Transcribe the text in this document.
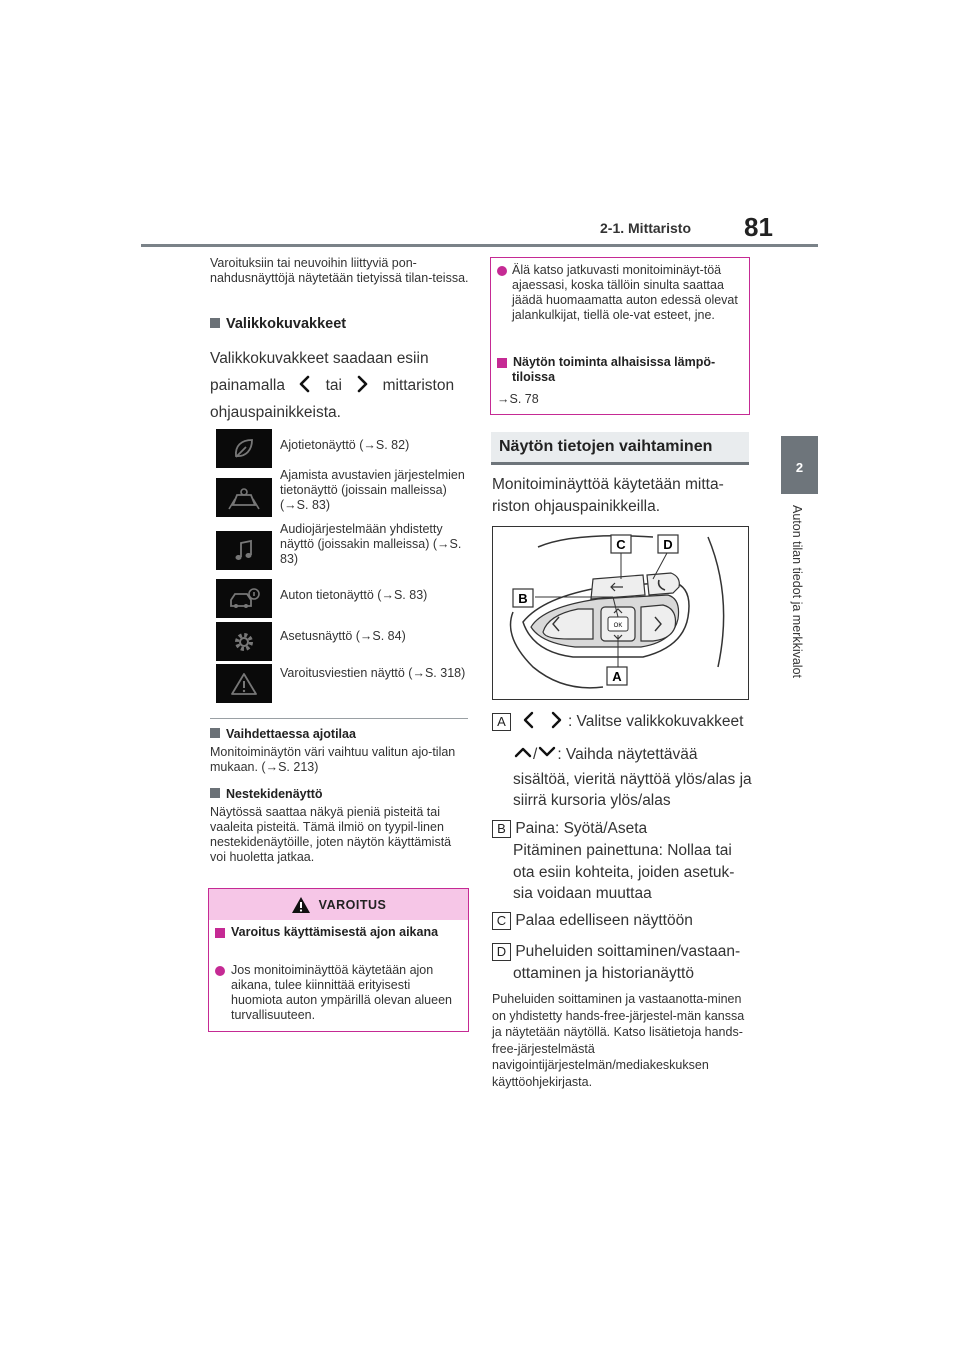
2-1. Mittaristo 81
2
Auton tilan tiedot ja merkkivalot
Varoituksiin tai neuvoihin liittyviä pon-nahdusnäyttöjä näytetään tietyissä tilan-teissa.
Valikkokuvakkeet
Valikkokuvakkeet saadaan esiin
painamalla	tai	mittariston
ohjauspainikkeista.
Ajotietonäyttö (→S. 82)
Ajamista avustavien järjestelmien tietonäyttö (joissain malleissa) (→S. 83)
Audiojärjestelmään yhdistetty näyttö (joissakin malleissa) (→S. 83)
Auton tietonäyttö (→S. 83)
Asetusnäyttö (→S. 84)
Varoitusviestien näyttö (→S. 318)
Vaihdettaessa ajotilaa
Monitoiminäytön väri vaihtuu valitun ajo-tilan mukaan. (→S. 213)
Nestekidenäyttö
Näytössä saattaa näkyä pieniä pisteitä tai vaaleita pisteitä. Tämä ilmiö on tyypil-linen nestekidenäytöille, joten näytön käyttämistä voi huoletta jatkaa.
VAROITUS
Varoitus käyttämisestä ajon aikana
Jos monitoiminäyttöä käytetään ajon aikana, tulee kiinnittää erityisesti huomiota auton ympärillä olevan alueen turvallisuuteen.
Älä katso jatkuvasti monitoiminäyt-töä ajaessasi, koska tällöin sinulta saattaa jäädä huomaamatta auton edessä olevat jalankulkijat, tiellä ole-vat esteet, jne.
Näytön toiminta alhaisissa lämpö-tiloissa
→S. 78
Näytön tietojen vaihtaminen
Monitoiminäyttöä käytetään mitta-riston ohjauspainikkeilla.
OK
C	D
B
A
A	: Valitse valikkokuvakkeet
/ : Vaihda näytettävää
sisältöä, vieritä näyttöä ylös/alas ja siirrä kursoria ylös/alas
B Paina: Syötä/Aseta
Pitäminen painettuna: Nollaa tai ota esiin kohteita, joiden asetuk-sia voidaan muuttaa
C Palaa edelliseen näyttöön
D Puheluiden soittaminen/vastaan-
ottaminen ja historianäyttö
Puheluiden soittaminen ja vastaanotta-minen on yhdistetty hands-free-järjestel-män kanssa ja näytetään näytöllä. Katso lisätietoja hands-free-järjestelmästä navigointijärjestelmän/mediakeskuksen käyttöohjekirjasta.
